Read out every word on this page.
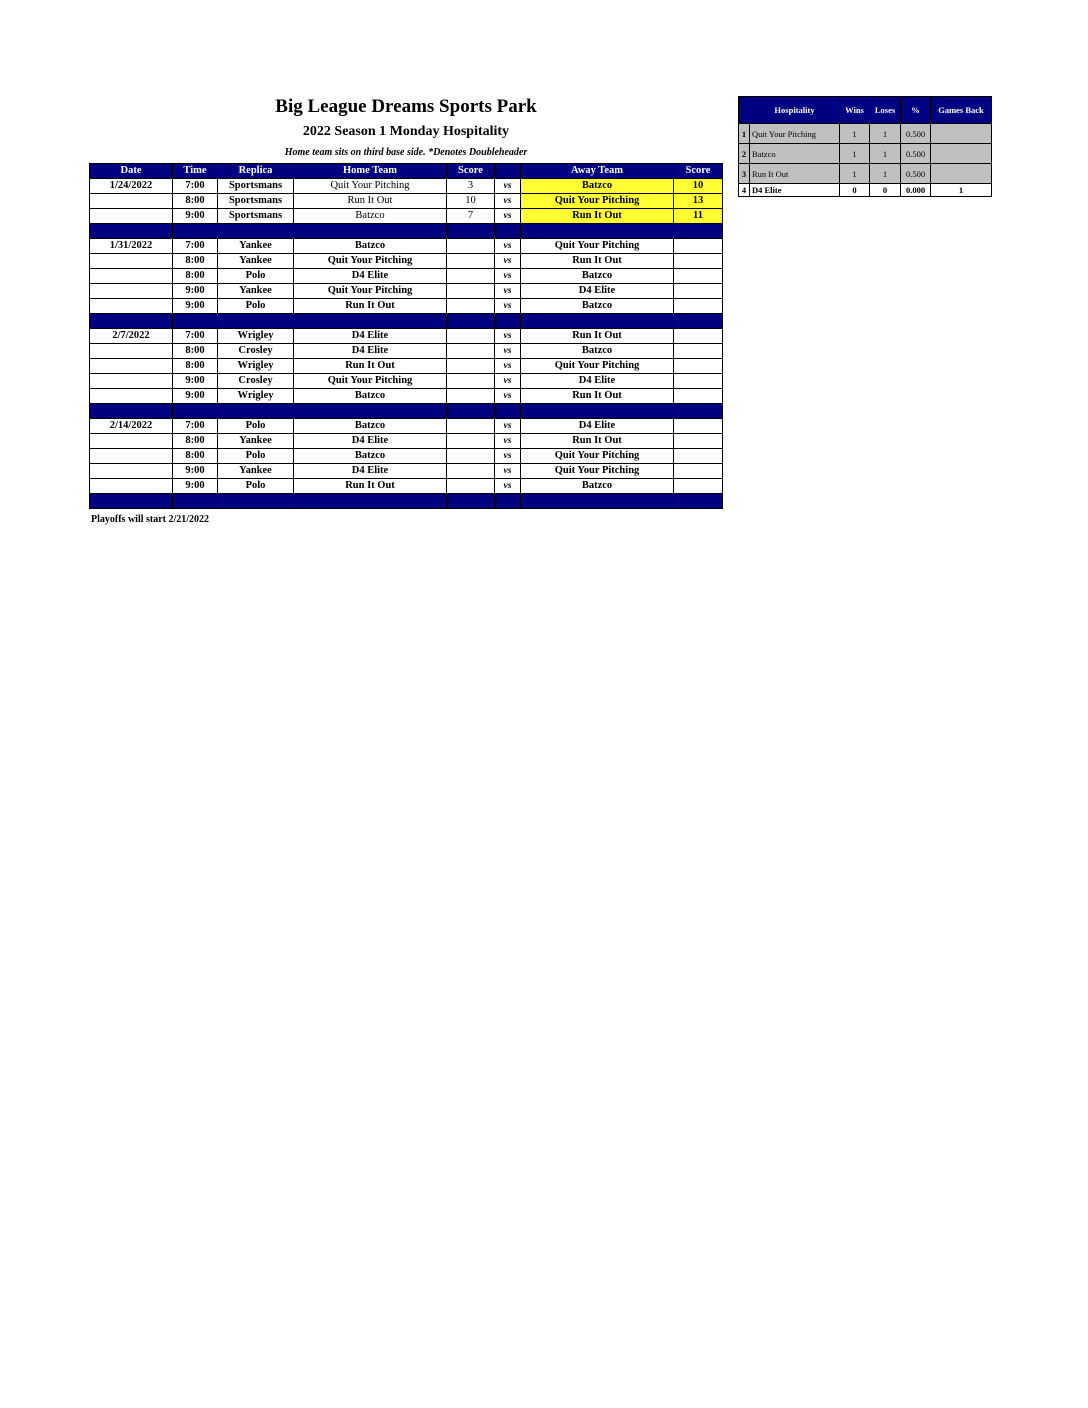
Big League Dreams Sports Park
2022 Season 1 Monday Hospitality
Home team sits on third base side. *Denotes Doubleheader
Date	Time	Replica	Home Team	Score		Away Team	Score
1/24/2022	7:00	Sportsmans	Quit Your Pitching	3	vs	Batzco	10
	8:00	Sportsmans	Run It Out	10	vs	Quit Your Pitching	13
	9:00	Sportsmans	Batzco	7	vs	Run It Out	11

1/31/2022	7:00	Yankee	Batzco		vs	Quit Your Pitching	
	8:00	Yankee	Quit Your Pitching		vs	Run It Out	
	8:00	Polo	D4 Elite		vs	Batzco	
	9:00	Yankee	Quit Your Pitching		vs	D4 Elite	
	9:00	Polo	Run It Out		vs	Batzco	

2/7/2022	7:00	Wrigley	D4 Elite		vs	Run It Out	
	8:00	Crosley	D4 Elite		vs	Batzco	
	8:00	Wrigley	Run It Out		vs	Quit Your Pitching	
	9:00	Crosley	Quit Your Pitching		vs	D4 Elite	
	9:00	Wrigley	Batzco		vs	Run It Out	

2/14/2022	7:00	Polo	Batzco		vs	D4 Elite	
	8:00	Yankee	D4 Elite		vs	Run It Out	
	8:00	Polo	Batzco		vs	Quit Your Pitching	
	9:00	Yankee	D4 Elite		vs	Quit Your Pitching	
	9:00	Polo	Run It Out		vs	Batzco	

Playoffs will start 2/21/2022
	Hospitality	Wins	Loses	%	Games Back
1	Quit Your Pitching	1	1	0.500	
2	Batzco	1	1	0.500	
3	Run It Out	1	1	0.500	
4	D4 Elite	0	0	0.000	1
